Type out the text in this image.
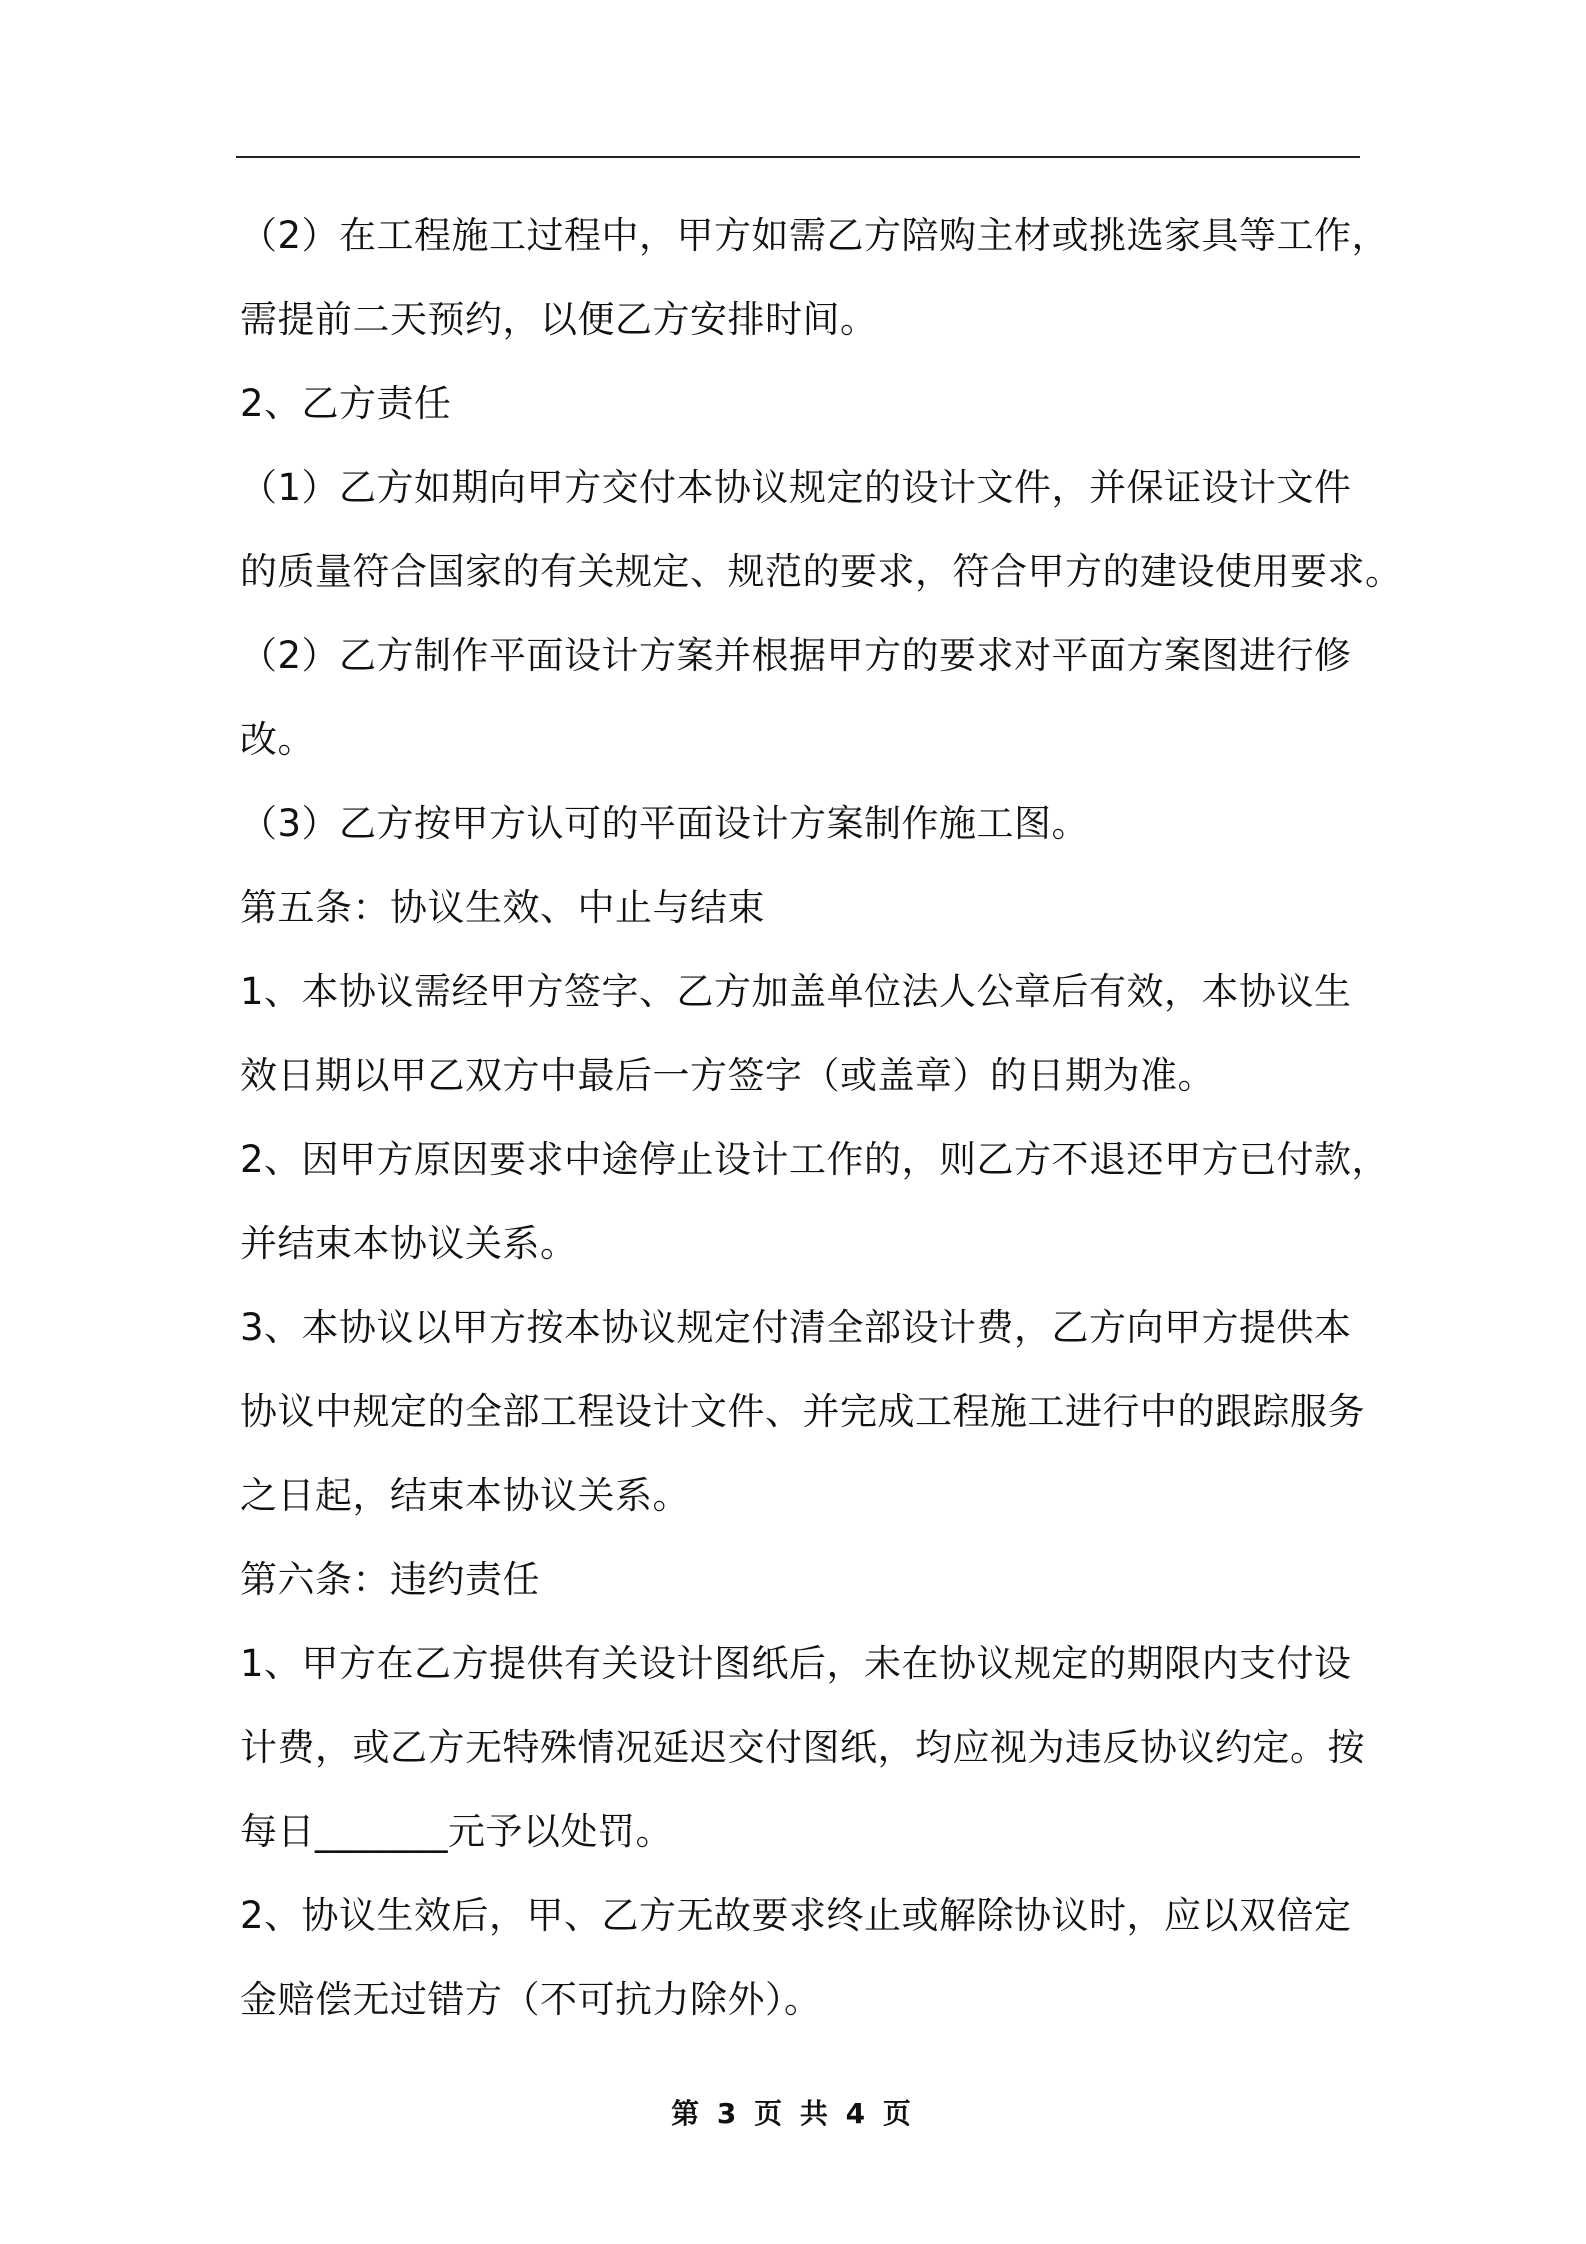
（2）在工程施工过程中，甲方如需乙方陪购主材或挑选家具等工作，
需提前二天预约，以便乙方安排时间。
2、乙方责任
（1）乙方如期向甲方交付本协议规定的设计文件，并保证设计文件
的质量符合国家的有关规定、规范的要求，符合甲方的建设使用要求。
（2）乙方制作平面设计方案并根据甲方的要求对平面方案图进行修
改。
（3）乙方按甲方认可的平面设计方案制作施工图。
第五条：协议生效、中止与结束
1、本协议需经甲方签字、乙方加盖单位法人公章后有效，本协议生
效日期以甲乙双方中最后一方签字（或盖章）的日期为准。
2、因甲方原因要求中途停止设计工作的，则乙方不退还甲方已付款，
并结束本协议关系。
3、本协议以甲方按本协议规定付清全部设计费，乙方向甲方提供本
协议中规定的全部工程设计文件、并完成工程施工进行中的跟踪服务
之日起，结束本协议关系。
第六条：违约责任
1、甲方在乙方提供有关设计图纸后，未在协议规定的期限内支付设
计费，或乙方无特殊情况延迟交付图纸，均应视为违反协议约定。按
每日_______元予以处罚。
2、协议生效后，甲、乙方无故要求终止或解除协议时，应以双倍定
金赔偿无过错方（不可抗力除外）。
第 3 页 共 4 页
